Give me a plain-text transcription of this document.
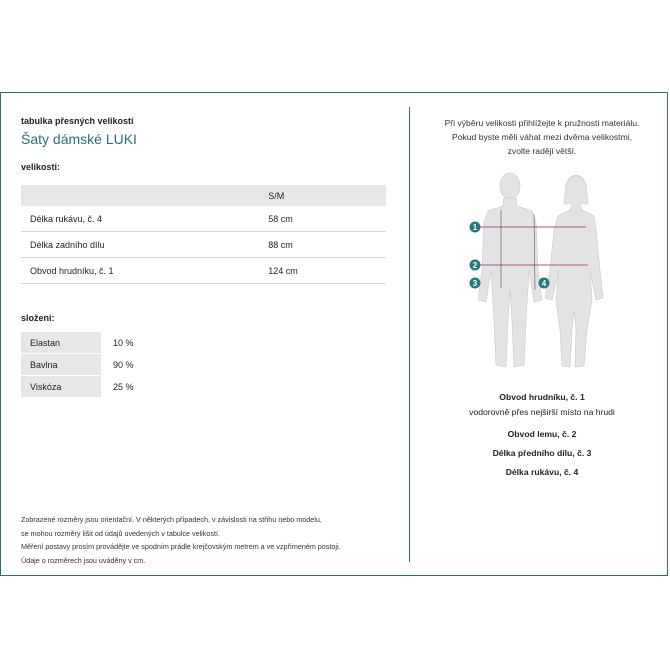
tabulka přesných velikostí
Šaty dámské LUKI
velikosti:
	S/M
Délka rukávu, č. 4	58 cm
Délka zadního dílu	88 cm
Obvod hrudníku, č. 1	124 cm
složení:
Elastan	10 %
Bavlna	90 %
Viskóza	25 %
Zobrazené rozměry jsou orientační. V některých případech, v závislosti na střihu nebo modelu,
se mohou rozměry lišit od údajů uvedených v tabulce velikostí.
Měření postavy prosím provádějte ve spodním prádle krejčovským metrem a ve vzpřímeném postoji.
Údaje o rozměrech jsou uváděny v cm.
Při výběru velikosti přihlížejte k pružnosti materiálu.
Pokud byste měli váhat mezi dvěma velikostmi,
zvolte raději větší.
1
2
3	4
Obvod hrudníku, č. 1
vodorovně přes nejširší místo na hrudi
Obvod lemu, č. 2
Délka předního dílu, č. 3
Délka rukávu, č. 4
